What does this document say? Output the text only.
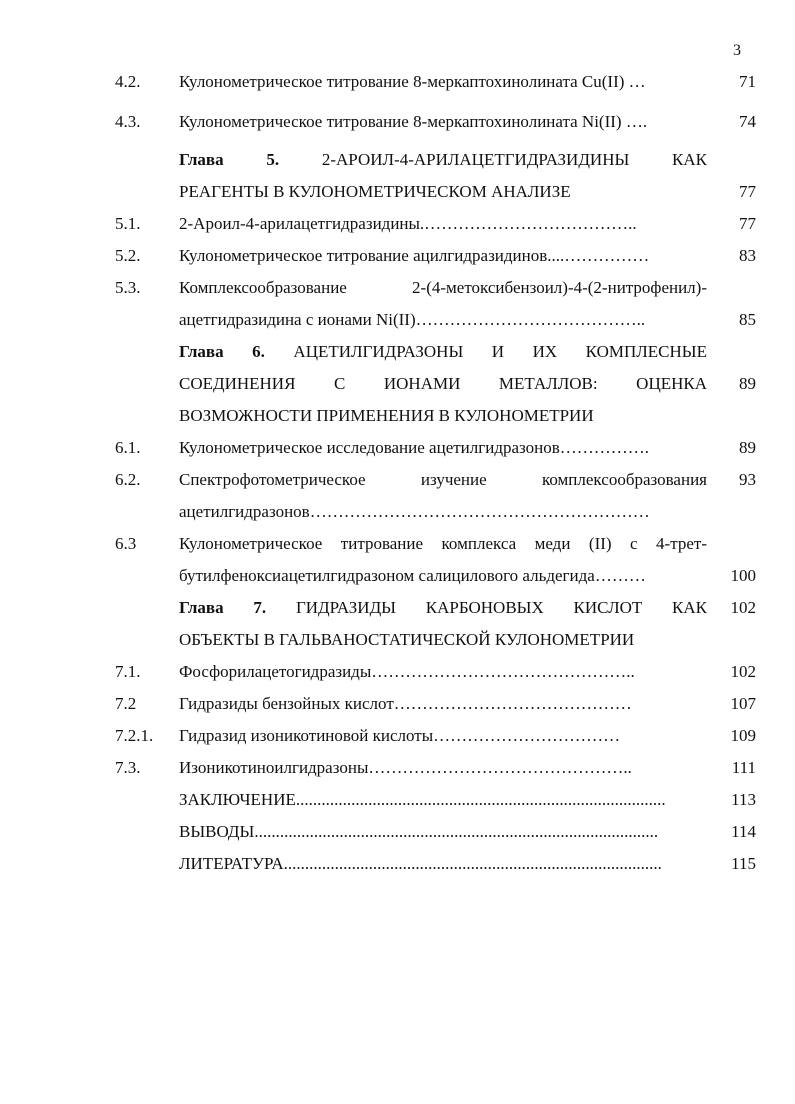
3
4.2. Кулонометрическое титрование 8-меркаптохинолината Cu(II) …	71
4.3. Кулонометрическое титрование 8-меркаптохинолината Ni(II) ….	74
Глава 5.	2-АРОИЛ-4-АРИЛАЦЕТГИДРАЗИДИНЫ КАК
РЕАГЕНТЫ В КУЛОНОМЕТРИЧЕСКОМ АНАЛИЗЕ	77
5.1. 2-Ароил-4-арилацетгидразидины.………………………………..	77
5.2. Кулонометрическое титрование ацилгидразидинов....……………	83
5.3. Комплексообразование 2-(4-метоксибензоил)-4-(2-нитрофенил)-
ацетгидразидина с ионами Ni(II)…………………………………..	85
Глава 6. АЦЕТИЛГИДРАЗОНЫ И ИХ КОМПЛЕСНЫЕ
СОЕДИНЕНИЯ С ИОНАМИ МЕТАЛЛОВ: ОЦЕНКА	89
ВОЗМОЖНОСТИ ПРИМЕНЕНИЯ В КУЛОНОМЕТРИИ
6.1. Кулонометрическое исследование ацетилгидразонов…………….	89
6.2. Спектрофотометрическое изучение комплексообразования	93
ацетилгидразонов……………………………………………………
6.3	Кулонометрическое титрование комплекса меди (II) с 4-трет-
бутилфеноксиацетилгидразоном салицилового альдегида………	100
Глава 7. ГИДРАЗИДЫ КАРБОНОВЫХ КИСЛОТ КАК	102
ОБЪЕКТЫ В ГАЛЬВАНОСТАТИЧЕСКОЙ КУЛОНОМЕТРИИ
7.1. Фосфорилацетогидразиды………………………………………..	102
7.2	Гидразиды бензойных кислот……………………………………	107
7.2.1. Гидразид изоникотиновой кислоты……………………………	109
7.3. Изоникотиноилгидразоны………………………………………..	111
ЗАКЛЮЧЕНИЕ.......................................................................................	113
ВЫВОДЫ...............................................................................................	114
ЛИТЕРАТУРА.........................................................................................	115
